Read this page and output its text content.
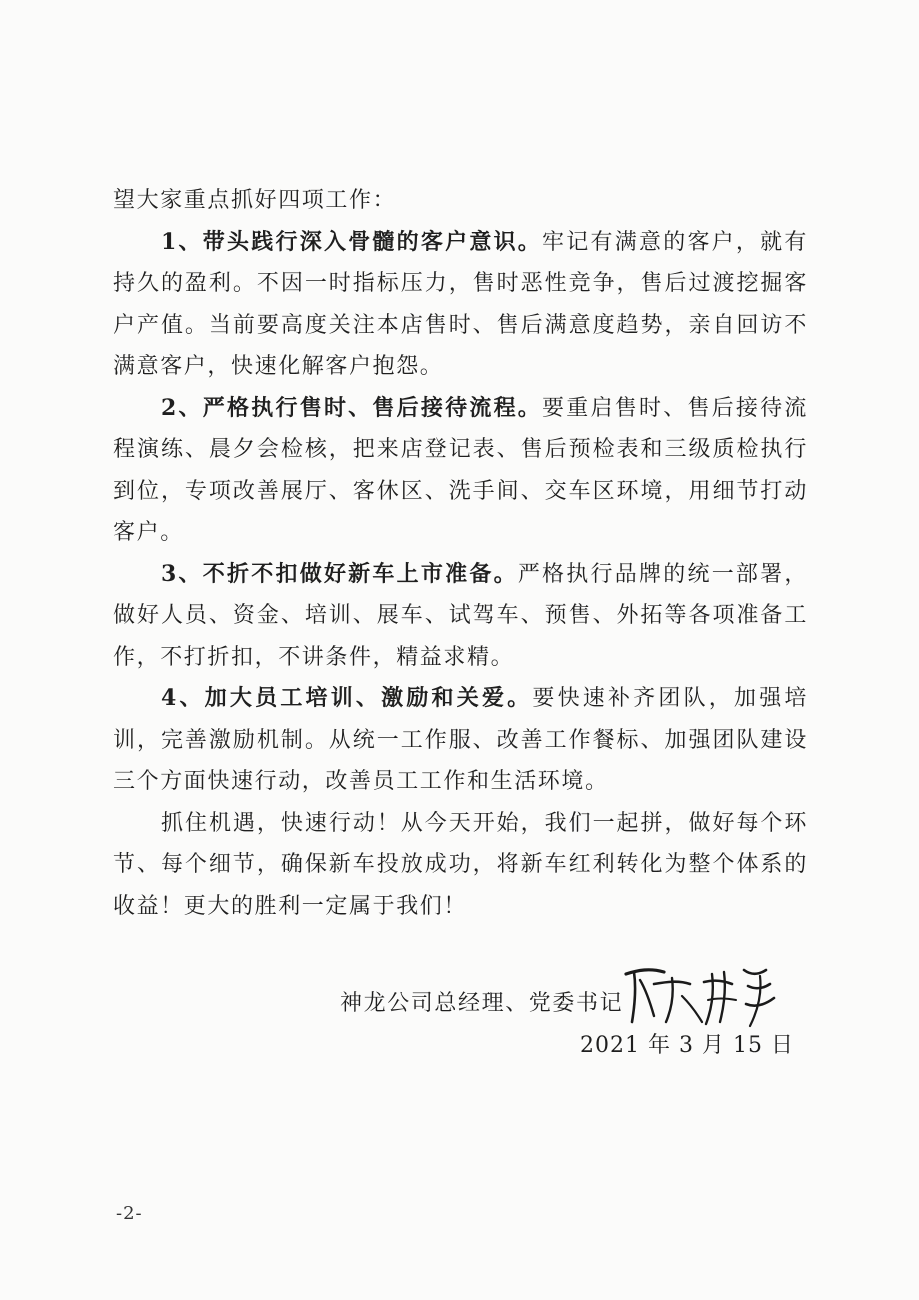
望大家重点抓好四项工作：

1、带头践行深入骨髓的客户意识。牢记有满意的客户，就有持久的盈利。不因一时指标压力，售时恶性竞争，售后过渡挖掘客户产值。当前要高度关注本店售时、售后满意度趋势，亲自回访不满意客户，快速化解客户抱怨。

2、严格执行售时、售后接待流程。要重启售时、售后接待流程演练、晨夕会检核，把来店登记表、售后预检表和三级质检执行到位，专项改善展厅、客休区、洗手间、交车区环境，用细节打动客户。

3、不折不扣做好新车上市准备。严格执行品牌的统一部署，做好人员、资金、培训、展车、试驾车、预售、外拓等各项准备工作，不打折扣，不讲条件，精益求精。

4、加大员工培训、激励和关爱。要快速补齐团队，加强培训，完善激励机制。从统一工作服、改善工作餐标、加强团队建设三个方面快速行动，改善员工工作和生活环境。

抓住机遇，快速行动！从今天开始，我们一起拼，做好每个环节、每个细节，确保新车投放成功，将新车红利转化为整个体系的收益！更大的胜利一定属于我们！

神龙公司总经理、党委书记
2021 年 3 月 15 日
-2-
